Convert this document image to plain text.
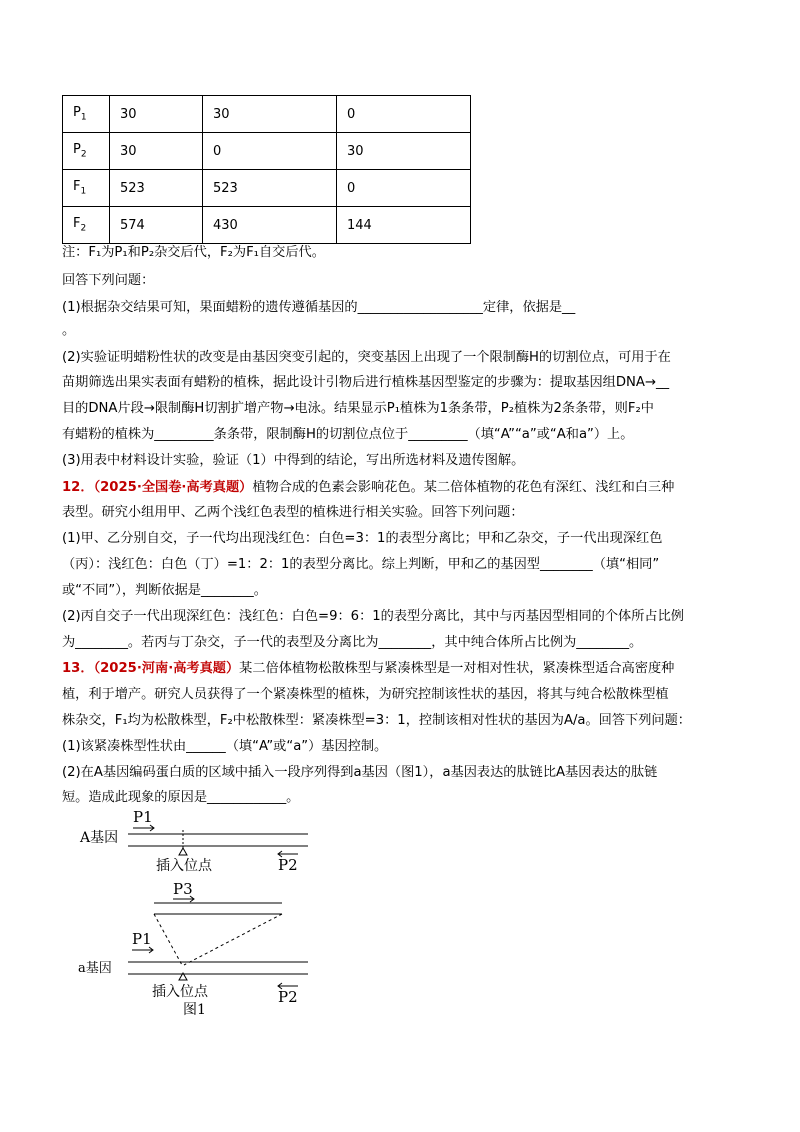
$P_1$	30	30	0
$P_2$	30	0	30
$F_1$	523	523	0
$F_2$	574	430	144
注：F₁为P₁和P₂杂交后代，F₂为F₁自交后代。
回答下列问题：
(1)根据杂交结果可知，果面蜡粉的遗传遵循基因的___________________定律，依据是__
。
(2)实验证明蜡粉性状的改变是由基因突变引起的，突变基因上出现了一个限制酶H的切割位点，可用于在
苗期筛选出果实表面有蜡粉的植株，据此设计引物后进行植株基因型鉴定的步骤为：提取基因组DNA→__
目的DNA片段→限制酶H切割扩增产物→电泳。结果显示P₁植株为1条条带，P₂植株为2条条带，则F₂中
有蜡粉的植株为_________条条带，限制酶H的切割位点位于_________（填“A”“a”或“A和a”）上。
(3)用表中材料设计实验，验证（1）中得到的结论，写出所选材料及遗传图解。
12．（2025·全国卷·高考真题）植物合成的色素会影响花色。某二倍体植物的花色有深红、浅红和白三种
表型。研究小组用甲、乙两个浅红色表型的植株进行相关实验。回答下列问题：
(1)甲、乙分别自交，子一代均出现浅红色：白色=3：1的表型分离比；甲和乙杂交，子一代出现深红色
（丙）：浅红色：白色（丁）=1：2：1的表型分离比。综上判断，甲和乙的基因型________（填“相同”
或“不同”），判断依据是________。
(2)丙自交子一代出现深红色：浅红色：白色=9：6：1的表型分离比，其中与丙基因型相同的个体所占比例
为________。若丙与丁杂交，子一代的表型及分离比为________，其中纯合体所占比例为________。
13．（2025·河南·高考真题）某二倍体植物松散株型与紧凑株型是一对相对性状，紧凑株型适合高密度种
植，利于增产。研究人员获得了一个紧凑株型的植株，为研究控制该性状的基因，将其与纯合松散株型植
株杂交，F₁均为松散株型，F₂中松散株型：紧凑株型=3：1，控制该相对性状的基因为A/a。回答下列问题：
(1)该紧凑株型性状由______（填“A”或“a”）基因控制。
(2)在A基因编码蛋白质的区域中插入一段序列得到a基因（图1），a基因表达的肽链比A基因表达的肽链
短。造成此现象的原因是____________。
A基因
P1
插入位点	P2
P3
P1
a基因
插入位点	P2
图1
